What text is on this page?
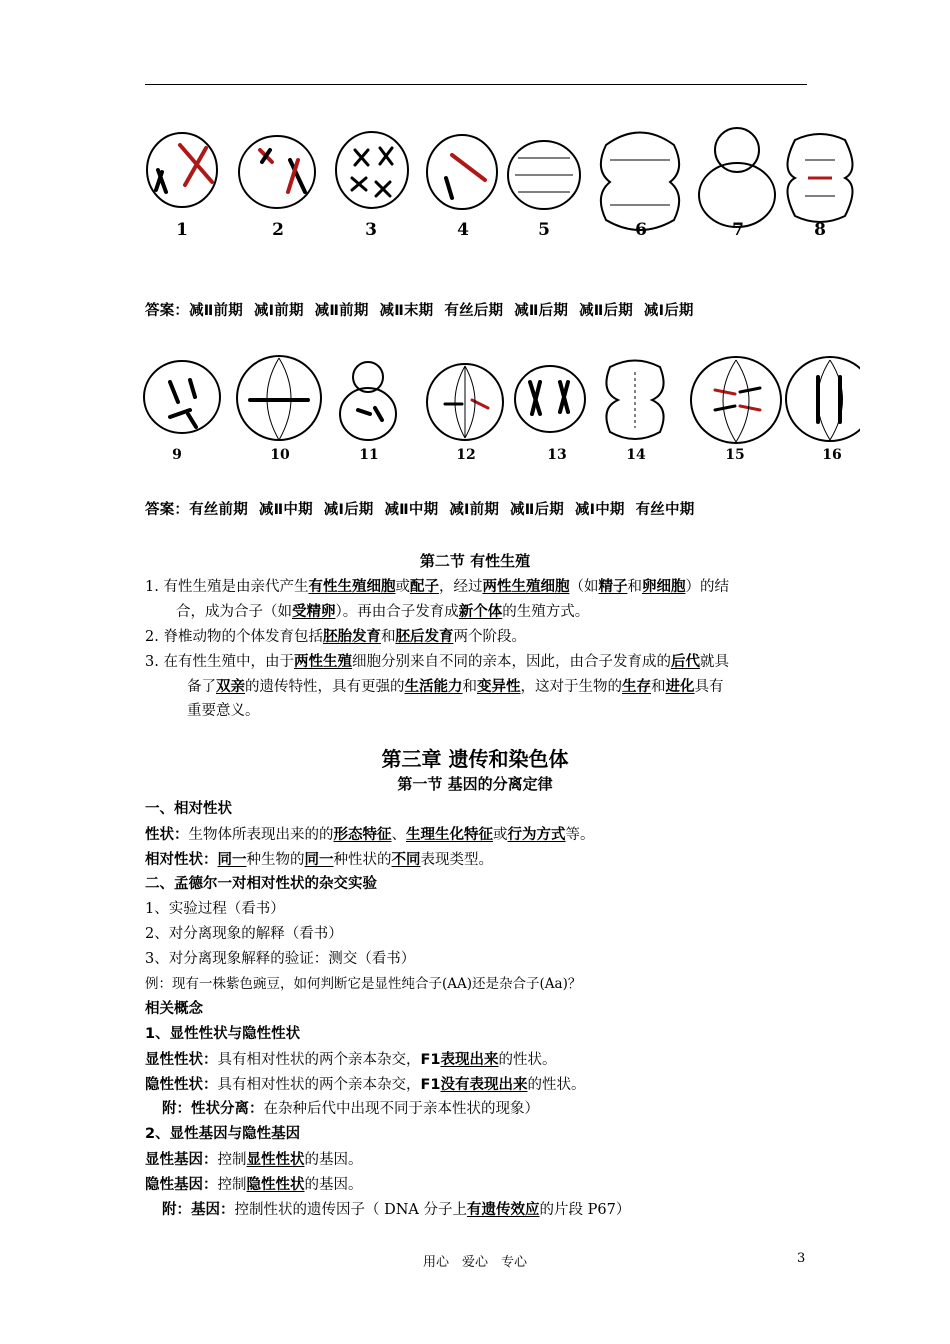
1	2	3	4	5	6	7	8
答案：减Ⅱ前期 减Ⅰ前期 减Ⅱ前期 减Ⅱ末期 有丝后期 减Ⅱ后期 减Ⅱ后期 减Ⅰ后期
9	10	11	12	13	14	15	16
答案：有丝前期 减Ⅱ中期 减Ⅰ后期 减Ⅱ中期 减Ⅰ前期 减Ⅱ后期 减Ⅰ中期 有丝中期
第二节 有性生殖
1. 有性生殖是由亲代产生有性生殖细胞或配子，经过两性生殖细胞（如精子和卵细胞）的结
合，成为合子（如受精卵）。再由合子发育成新个体的生殖方式。
2. 脊椎动物的个体发育包括胚胎发育和胚后发育两个阶段。
3. 在有性生殖中，由于两性生殖细胞分别来自不同的亲本，因此，由合子发育成的后代就具
备了双亲的遗传特性，具有更强的生活能力和变异性，这对于生物的生存和进化具有
重要意义。
第三章 遗传和染色体
第一节 基因的分离定律
一、相对性状
性状：生物体所表现出来的的形态特征、生理生化特征或行为方式等。
相对性状：同一种生物的同一种性状的不同表现类型。
二、孟德尔一对相对性状的杂交实验
1、实验过程（看书）
2、对分离现象的解释（看书）
3、对分离现象解释的验证：测交（看书）
例：现有一株紫色豌豆，如何判断它是显性纯合子(AA)还是杂合子(Aa)？
相关概念
1、显性性状与隐性性状
显性性状：具有相对性状的两个亲本杂交，F1表现出来的性状。
隐性性状：具有相对性状的两个亲本杂交，F1没有表现出来的性状。
附：性状分离：在杂种后代中出现不同于亲本性状的现象）
2、显性基因与隐性基因
显性基因：控制显性性状的基因。
隐性基因：控制隐性性状的基因。
附：基因：控制性状的遗传因子（ DNA 分子上有遗传效应的片段 P67）
用心　爱心　专心	3
